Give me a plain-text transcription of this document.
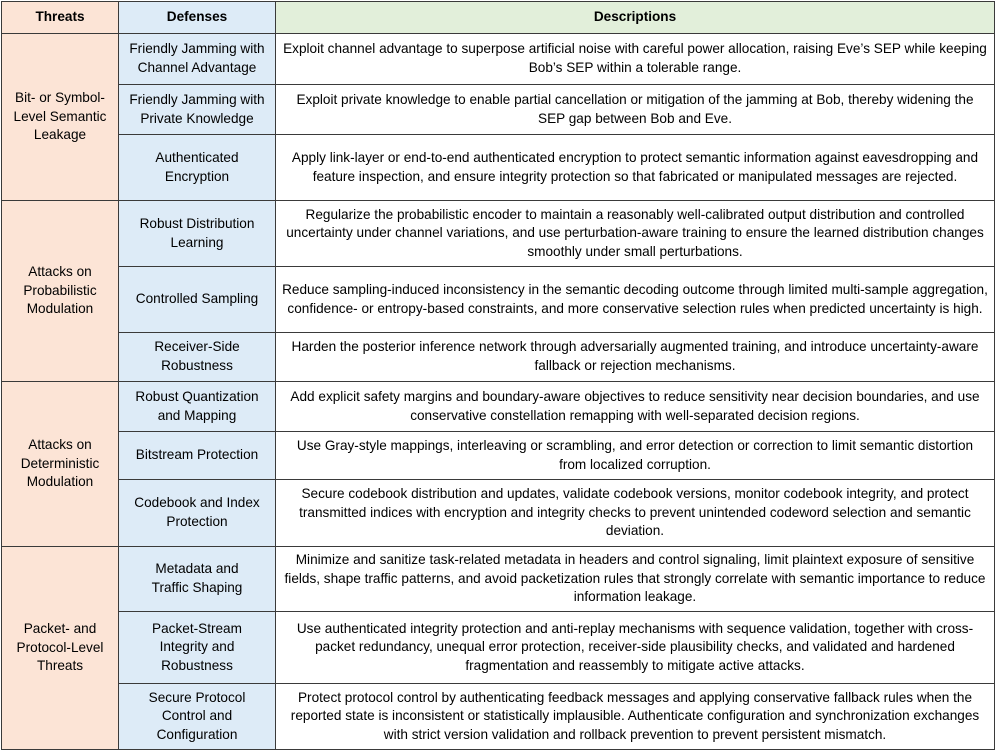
Threats	Defenses	Descriptions
Bit- or Symbol-Level Semantic Leakage	Friendly Jamming with Channel Advantage	Exploit channel advantage to superpose artificial noise with careful power allocation, raising Eve’s SEP while keeping Bob’s SEP within a tolerable range.
	Friendly Jamming with Private Knowledge	Exploit private knowledge to enable partial cancellation or mitigation of the jamming at Bob, thereby widening the SEP gap between Bob and Eve.
	Authenticated Encryption	Apply link-layer or end-to-end authenticated encryption to protect semantic information against eavesdropping and feature inspection, and ensure integrity protection so that fabricated or manipulated messages are rejected.
Attacks on Probabilistic Modulation	Robust Distribution Learning	Regularize the probabilistic encoder to maintain a reasonably well-calibrated output distribution and controlled uncertainty under channel variations, and use perturbation-aware training to ensure the learned distribution changes smoothly under small perturbations.
	Controlled Sampling	Reduce sampling-induced inconsistency in the semantic decoding outcome through limited multi-sample aggregation, confidence- or entropy-based constraints, and more conservative selection rules when predicted uncertainty is high.
	Receiver-Side Robustness	Harden the posterior inference network through adversarially augmented training, and introduce uncertainty-aware fallback or rejection mechanisms.
Attacks on Deterministic Modulation	Robust Quantization and Mapping	Add explicit safety margins and boundary-aware objectives to reduce sensitivity near decision boundaries, and use conservative constellation remapping with well-separated decision regions.
	Bitstream Protection	Use Gray-style mappings, interleaving or scrambling, and error detection or correction to limit semantic distortion from localized corruption.
	Codebook and Index Protection	Secure codebook distribution and updates, validate codebook versions, monitor codebook integrity, and protect transmitted indices with encryption and integrity checks to prevent unintended codeword selection and semantic deviation.
Packet- and Protocol-Level Threats	Metadata and Traffic Shaping	Minimize and sanitize task-related metadata in headers and control signaling, limit plaintext exposure of sensitive fields, shape traffic patterns, and avoid packetization rules that strongly correlate with semantic importance to reduce information leakage.
	Packet-Stream Integrity and Robustness	Use authenticated integrity protection and anti-replay mechanisms with sequence validation, together with cross-packet redundancy, unequal error protection, receiver-side plausibility checks, and validated and hardened fragmentation and reassembly to mitigate active attacks.
	Secure Protocol Control and Configuration	Protect protocol control by authenticating feedback messages and applying conservative fallback rules when the reported state is inconsistent or statistically implausible. Authenticate configuration and synchronization exchanges with strict version validation and rollback prevention to prevent persistent mismatch.
